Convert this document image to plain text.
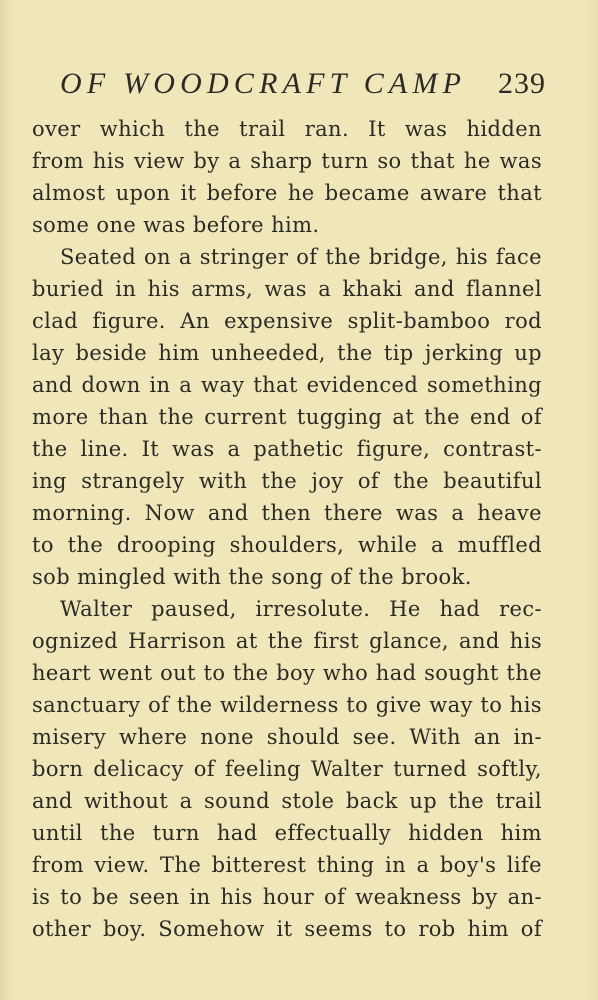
OF WOODCRAFT CAMP 239
over which the trail ran. It was hidden
from his view by a sharp turn so that he was
almost upon it before he became aware that
some one was before him.
Seated on a stringer of the bridge, his face
buried in his arms, was a khaki and flannel
clad figure. An expensive split-bamboo rod
lay beside him unheeded, the tip jerking up
and down in a way that evidenced something
more than the current tugging at the end of
the line. It was a pathetic figure, contrast-
ing strangely with the joy of the beautiful
morning. Now and then there was a heave
to the drooping shoulders, while a muffled
sob mingled with the song of the brook.
Walter paused, irresolute. He had rec-
ognized Harrison at the first glance, and his
heart went out to the boy who had sought the
sanctuary of the wilderness to give way to his
misery where none should see. With an in-
born delicacy of feeling Walter turned softly,
and without a sound stole back up the trail
until the turn had effectually hidden him
from view. The bitterest thing in a boy's life
is to be seen in his hour of weakness by an-
other boy. Somehow it seems to rob him of
